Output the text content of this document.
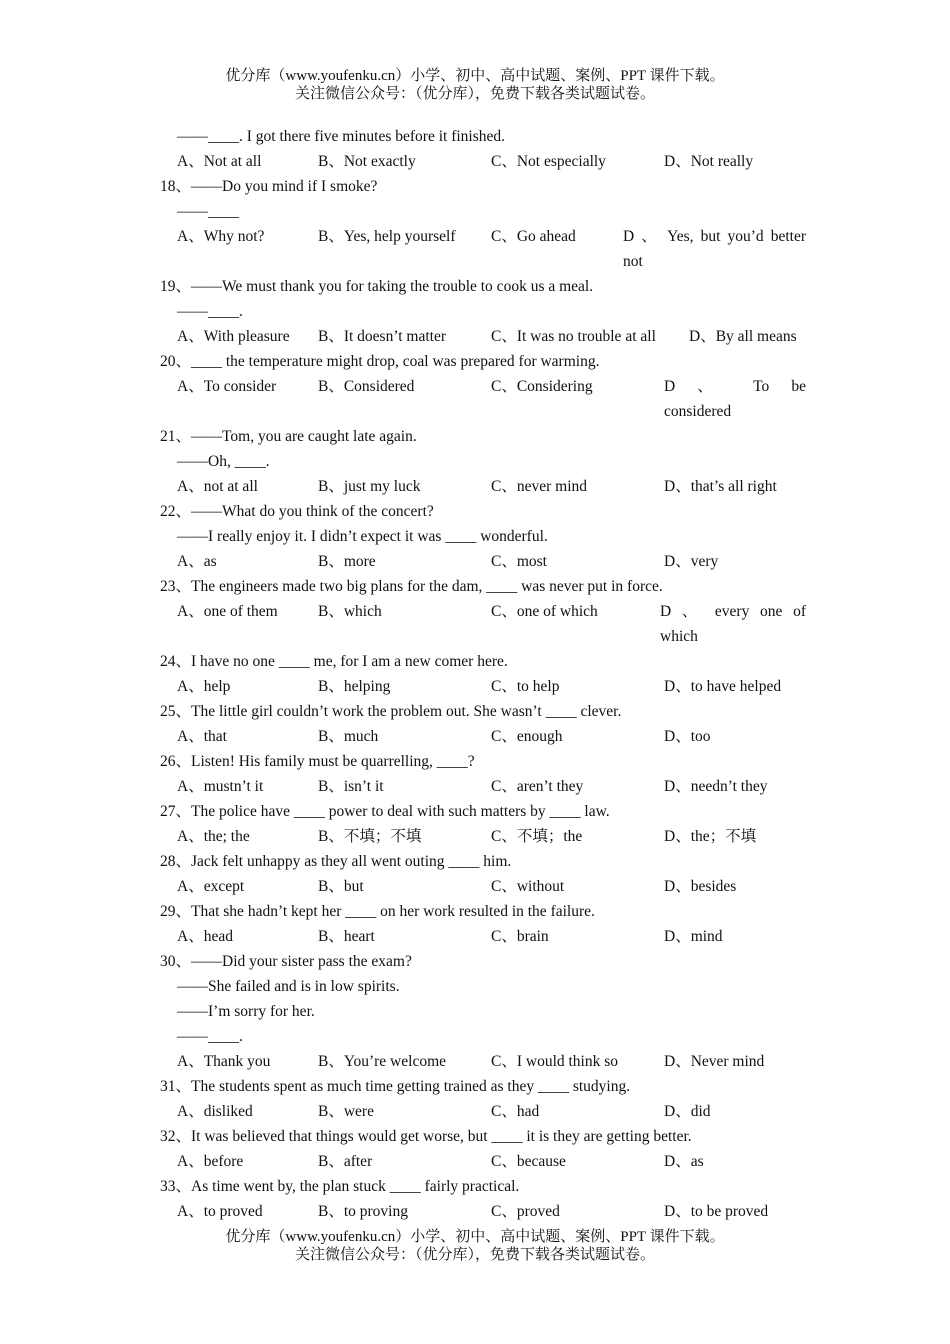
优分库（www.youfenku.cn）小学、初中、高中试题、案例、PPT 课件下载。
关注微信公众号：（优分库），免费下载各类试题试卷。
——____. I got there five minutes before it finished.
A、Not at all	B、Not exactly	C、Not especially	D、Not really
18、——Do you mind if I smoke?
——____
A、Why not?	B、Yes, help yourself C、Go ahead	D 、 Yes, but you’d better
not
19、——We must thank you for taking the trouble to cook us a meal.
——____.
A、With pleasure B、It doesn’t matter	C、It was no trouble at all D、By all means
20、____ the temperature might drop, coal was prepared for warming.
A、To consider	B、Considered	C、Considering	D 、 To be
considered
21、——Tom, you are caught late again.
——Oh, ____.
A、not at all	B、just my luck	C、never mind	D、that’s all right
22、——What do you think of the concert?
——I really enjoy it. I didn’t expect it was ____ wonderful.
A、as	B、more	C、most	D、very
23、The engineers made two big plans for the dam, ____ was never put in force.
A、one of them	B、which	C、one of which	D 、 every one of
which
24、I have no one ____ me, for I am a new comer here.
A、help	B、helping	C、to help	D、to have helped
25、The little girl couldn’t work the problem out. She wasn’t ____ clever.
A、that	B、much	C、enough	D、too
26、Listen! His family must be quarrelling, ____?
A、mustn’t it	B、isn’t it	C、aren’t they	D、needn’t they
27、The police have ____ power to deal with such matters by ____ law.
A、the; the	B、不填；不填	C、不填；the	D、the；不填
28、Jack felt unhappy as they all went outing ____ him.
A、except	B、but	C、without	D、besides
29、That she hadn’t kept her ____ on her work resulted in the failure.
A、head	B、heart	C、brain	D、mind
30、——Did your sister pass the exam?
——She failed and is in low spirits.
——I’m sorry for her.
——____.
A、Thank you	B、You’re welcome	C、I would think so	D、Never mind
31、The students spent as much time getting trained as they ____ studying.
A、disliked	B、were	C、had	D、did
32、It was believed that things would get worse, but ____ it is they are getting better.
A、before	B、after	C、because	D、as
33、As time went by, the plan stuck ____ fairly practical.
A、to proved	B、to proving	C、proved	D、to be proved
优分库（www.youfenku.cn）小学、初中、高中试题、案例、PPT 课件下载。
关注微信公众号：（优分库），免费下载各类试题试卷。
